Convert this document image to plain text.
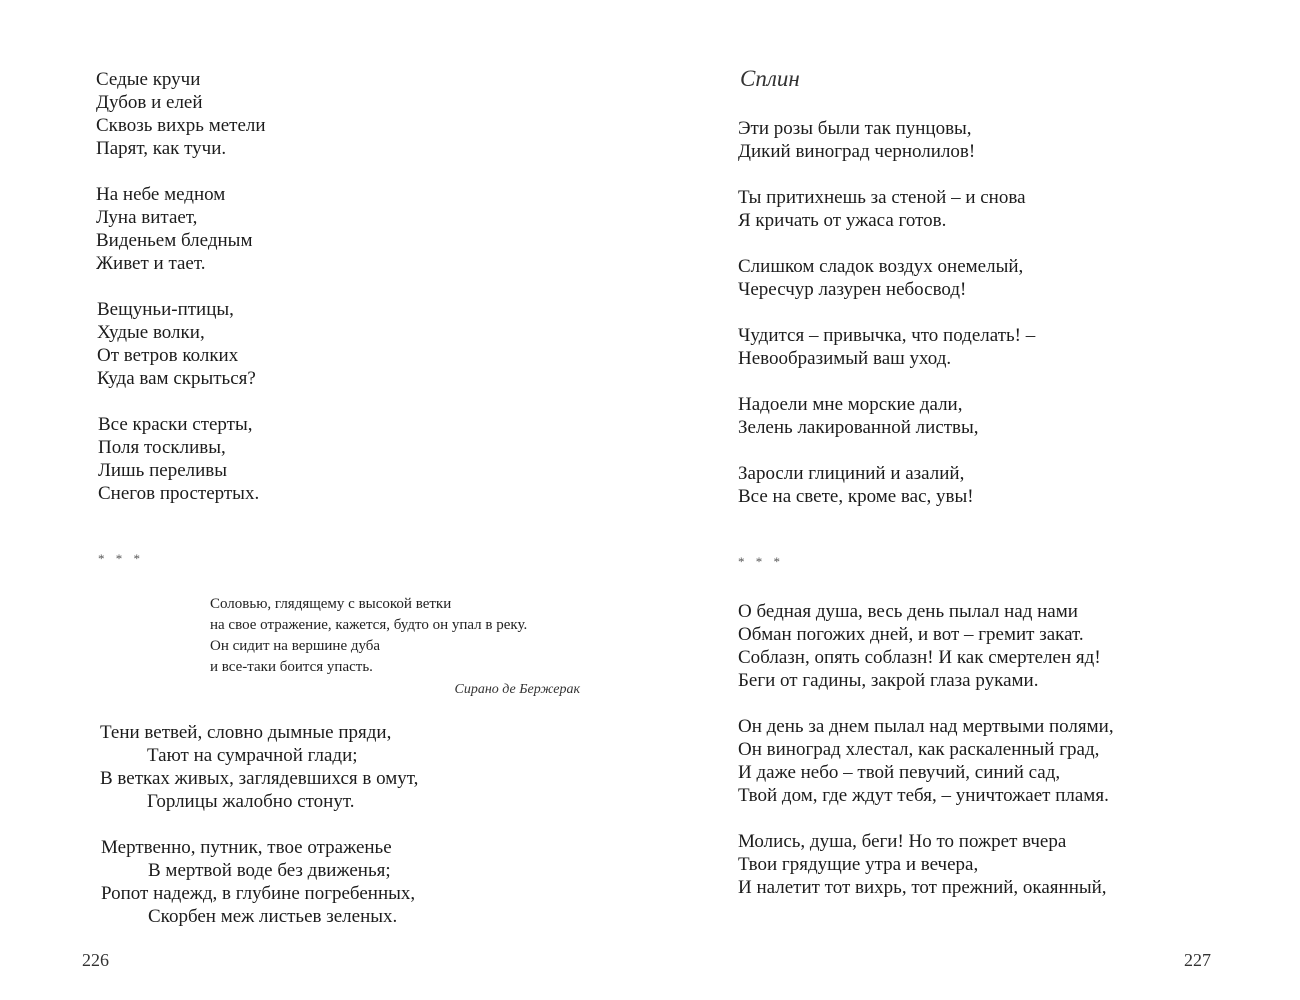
Седые кручи
Дубов и елей
Сквозь вихрь метели
Парят, как тучи.
На небе медном
Луна витает,
Виденьем бледным
Живет и тает.
Вещуньи-птицы,
Худые волки,
От ветров колких
Куда вам скрыться?
Все краски стерты,
Поля тоскливы,
Лишь переливы
Снегов простертых.
* * *
Соловью, глядящему с высокой ветки
на свое отражение, кажется, будто он упал в реку.
Он сидит на вершине дуба
и все-таки боится упасть.
Сирано де Бержерак
Тени ветвей, словно дымные пряди,
Тают на сумрачной глади;
В ветках живых, заглядевшихся в омут,
Горлицы жалобно стонут.
Мертвенно, путник, твое отраженье
В мертвой воде без движенья;
Ропот надежд, в глубине погребенных,
Скорбен меж листьев зеленых.
226
Сплин
Эти розы были так пунцовы,
Дикий виноград чернолилов!
Ты притихнешь за стеной – и снова
Я кричать от ужаса готов.
Слишком сладок воздух онемелый,
Чересчур лазурен небосвод!
Чудится – привычка, что поделать! –
Невообразимый ваш уход.
Надоели мне морские дали,
Зелень лакированной листвы,
Заросли глициний и азалий,
Все на свете, кроме вас, увы!
* * *
О бедная душа, весь день пылал над нами
Обман погожих дней, и вот – гремит закат.
Соблазн, опять соблазн! И как смертелен яд!
Беги от гадины, закрой глаза руками.
Он день за днем пылал над мертвыми полями,
Он виноград хлестал, как раскаленный град,
И даже небо – твой певучий, синий сад,
Твой дом, где ждут тебя, – уничтожает пламя.
Молись, душа, беги! Но то пожрет вчера
Твои грядущие утра и вечера,
И налетит тот вихрь, тот прежний, окаянный,
227
